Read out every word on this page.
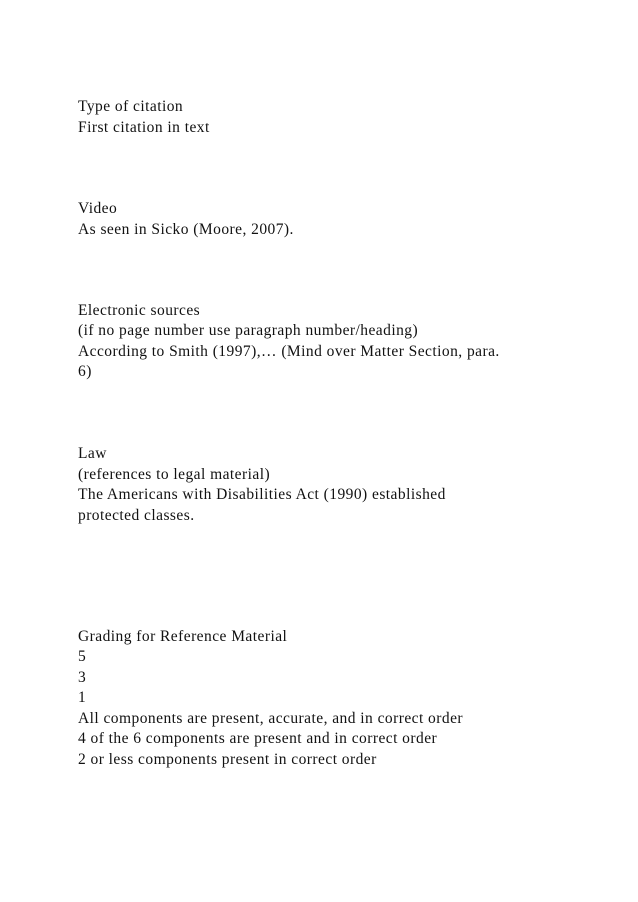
Type of citation

First citation in text

Video

As seen in Sicko (Moore, 2007).

Electronic sources

(if no page number use paragraph number/heading)

According to Smith (1997),… (Mind over Matter Section, para.

6)

Law

(references to legal material)

The Americans with Disabilities Act (1990) established

protected classes.

Grading for Reference Material

5

3

1

All components are present, accurate, and in correct order

4 of the 6 components are present and in correct order

2 or less components present in correct order
